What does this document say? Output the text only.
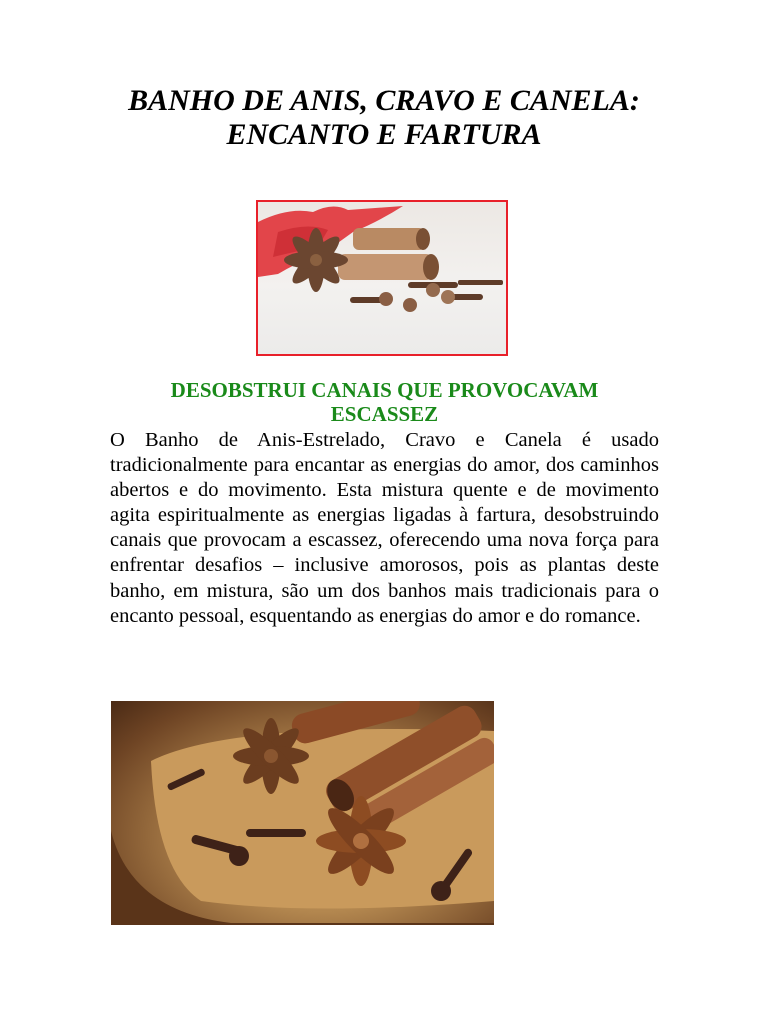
BANHO DE ANIS, CRAVO E CANELA:
ENCANTO E FARTURA
DESOBSTRUI CANAIS QUE PROVOCAVAM
ESCASSEZ

O Banho de Anis-Estrelado, Cravo e Canela é usado tradicionalmente para encantar as energias do amor, dos caminhos abertos e do movimento. Esta mistura quente e de movimento agita espiritualmente as energias ligadas à fartura, desobstruindo canais que provocam a escassez, oferecendo uma nova força para enfrentar desafios – inclusive amorosos, pois as plantas deste banho, em mistura, são um dos banhos mais tradicionais para o encanto pessoal, esquentando as energias do amor e do romance.
